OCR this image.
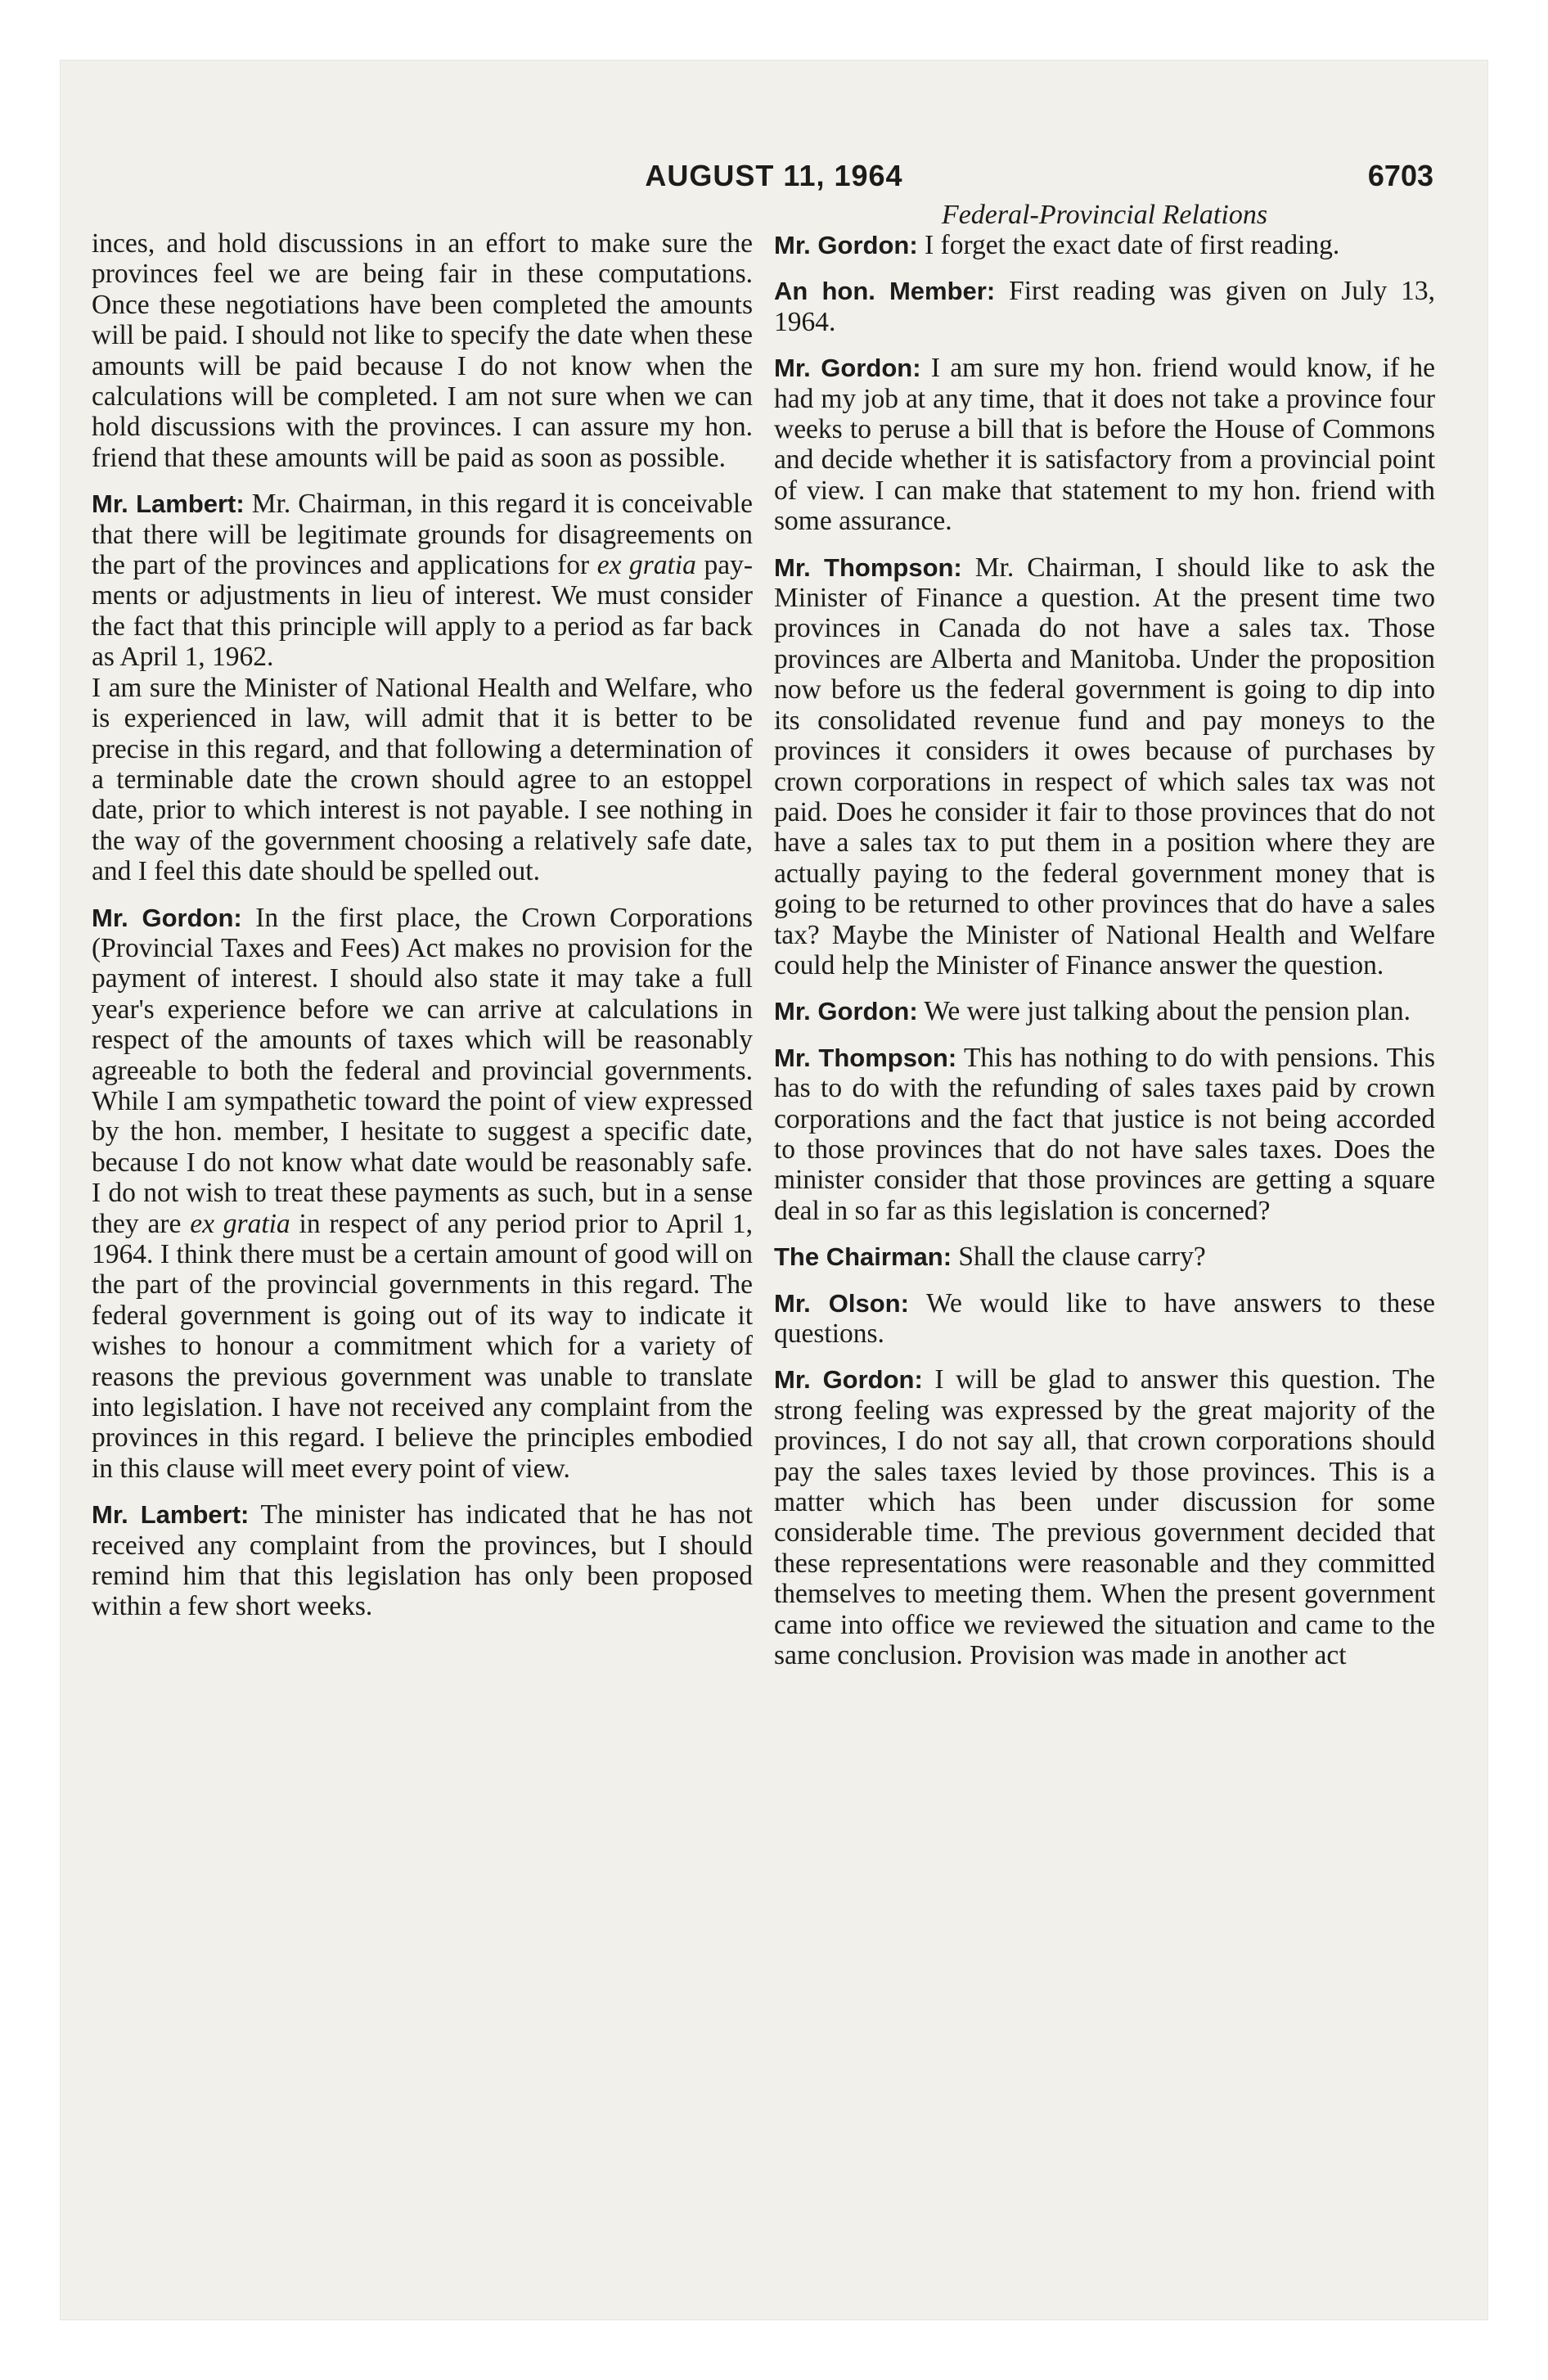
AUGUST 11, 1964	6703

inces, and hold discussions in an effort to make sure the provinces feel we are being fair in these computations. Once these negotiations have been completed the amounts will be paid. I should not like to specify the date when these amounts will be paid because I do not know when the calculations will be completed. I am not sure when we can hold discussions with the provinces. I can assure my hon. friend that these amounts will be paid as soon as possible.

Mr. Lambert: Mr. Chairman, in this regard it is conceivable that there will be legitimate grounds for disagreements on the part of the provinces and applications for ex gratia payments or adjustments in lieu of interest. We must consider the fact that this principle will apply to a period as far back as April 1, 1962.

I am sure the Minister of National Health and Welfare, who is experienced in law, will admit that it is better to be precise in this regard, and that following a determination of a terminable date the crown should agree to an estoppel date, prior to which interest is not payable. I see nothing in the way of the government choosing a relatively safe date, and I feel this date should be spelled out.

Mr. Gordon: In the first place, the Crown Corporations (Provincial Taxes and Fees) Act makes no provision for the payment of interest. I should also state it may take a full year's experience before we can arrive at calculations in respect of the amounts of taxes which will be reasonably agreeable to both the federal and provincial governments. While I am sympathetic toward the point of view expressed by the hon. member, I hesitate to suggest a specific date, because I do not know what date would be reasonably safe. I do not wish to treat these payments as such, but in a sense they are ex gratia in respect of any period prior to April 1, 1964. I think there must be a certain amount of good will on the part of the provincial governments in this regard. The federal government is going out of its way to indicate it wishes to honour a commitment which for a variety of reasons the previous government was unable to translate into legislation. I have not received any complaint from the provinces in this regard. I believe the principles embodied in this clause will meet every point of view.

Mr. Lambert: The minister has indicated that he has not received any complaint from the provinces, but I should remind him that this legislation has only been proposed within a few short weeks.

Federal-Provincial Relations

Mr. Gordon: I forget the exact date of first reading.

An hon. Member: First reading was given on July 13, 1964.

Mr. Gordon: I am sure my hon. friend would know, if he had my job at any time, that it does not take a province four weeks to peruse a bill that is before the House of Commons and decide whether it is satisfactory from a provincial point of view. I can make that statement to my hon. friend with some assurance.

Mr. Thompson: Mr. Chairman, I should like to ask the Minister of Finance a question. At the present time two provinces in Canada do not have a sales tax. Those provinces are Alberta and Manitoba. Under the proposition now before us the federal government is going to dip into its consolidated revenue fund and pay moneys to the provinces it considers it owes because of purchases by crown corporations in respect of which sales tax was not paid. Does he consider it fair to those provinces that do not have a sales tax to put them in a position where they are actually paying to the federal government money that is going to be returned to other provinces that do have a sales tax? Maybe the Minister of National Health and Welfare could help the Minister of Finance answer the question.

Mr. Gordon: We were just talking about the pension plan.

Mr. Thompson: This has nothing to do with pensions. This has to do with the refunding of sales taxes paid by crown corporations and the fact that justice is not being accorded to those provinces that do not have sales taxes. Does the minister consider that those provinces are getting a square deal in so far as this legislation is concerned?

The Chairman: Shall the clause carry?

Mr. Olson: We would like to have answers to these questions.

Mr. Gordon: I will be glad to answer this question. The strong feeling was expressed by the great majority of the provinces, I do not say all, that crown corporations should pay the sales taxes levied by those provinces. This is a matter which has been under discussion for some considerable time. The previous government decided that these representations were reasonable and they committed themselves to meeting them. When the present government came into office we reviewed the situation and came to the same conclusion. Provision was made in another act
